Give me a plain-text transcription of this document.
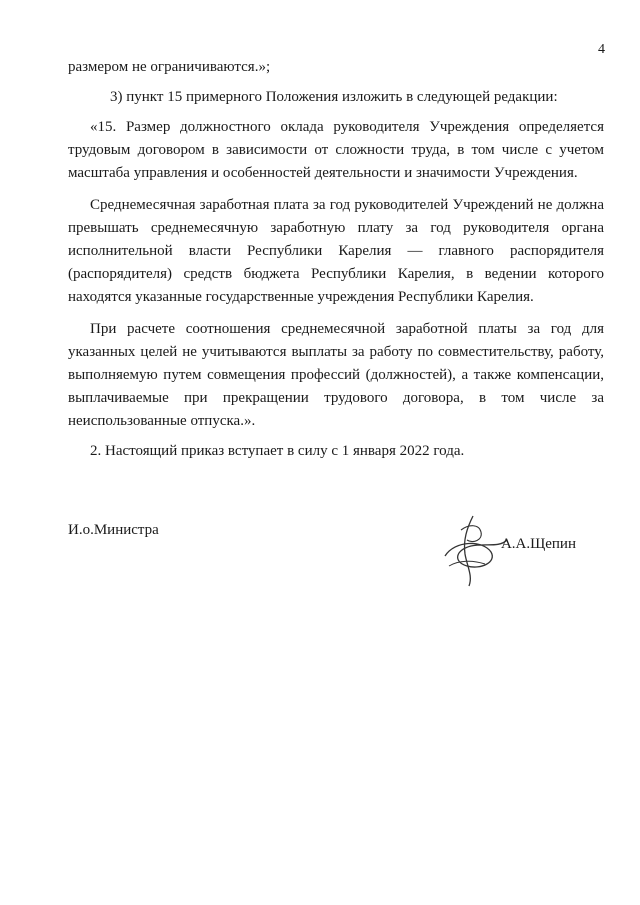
4

размером не ограничиваются.»;

3) пункт 15 примерного Положения изложить в следующей редакции:

«15. Размер должностного оклада руководителя Учреждения определяется трудовым договором в зависимости от сложности труда, в том числе с учетом масштаба управления и особенностей деятельности и значимости Учреждения.

Среднемесячная заработная плата за год руководителей Учреждений не должна превышать среднемесячную заработную плату за год руководителя органа исполнительной власти Республики Карелия — главного распорядителя (распорядителя) средств бюджета Республики Карелия, в ведении которого находятся указанные государственные учреждения Республики Карелия.

При расчете соотношения среднемесячной заработной платы за год для указанных целей не учитываются выплаты за работу по совместительству, работу, выполняемую путем совмещения профессий (должностей), а также компенсации, выплачиваемые при прекращении трудового договора, в том числе за неиспользованные отпуска.».

2. Настоящий приказ вступает в силу с 1 января 2022 года.

И.о.Министра
А.А.Щепин
